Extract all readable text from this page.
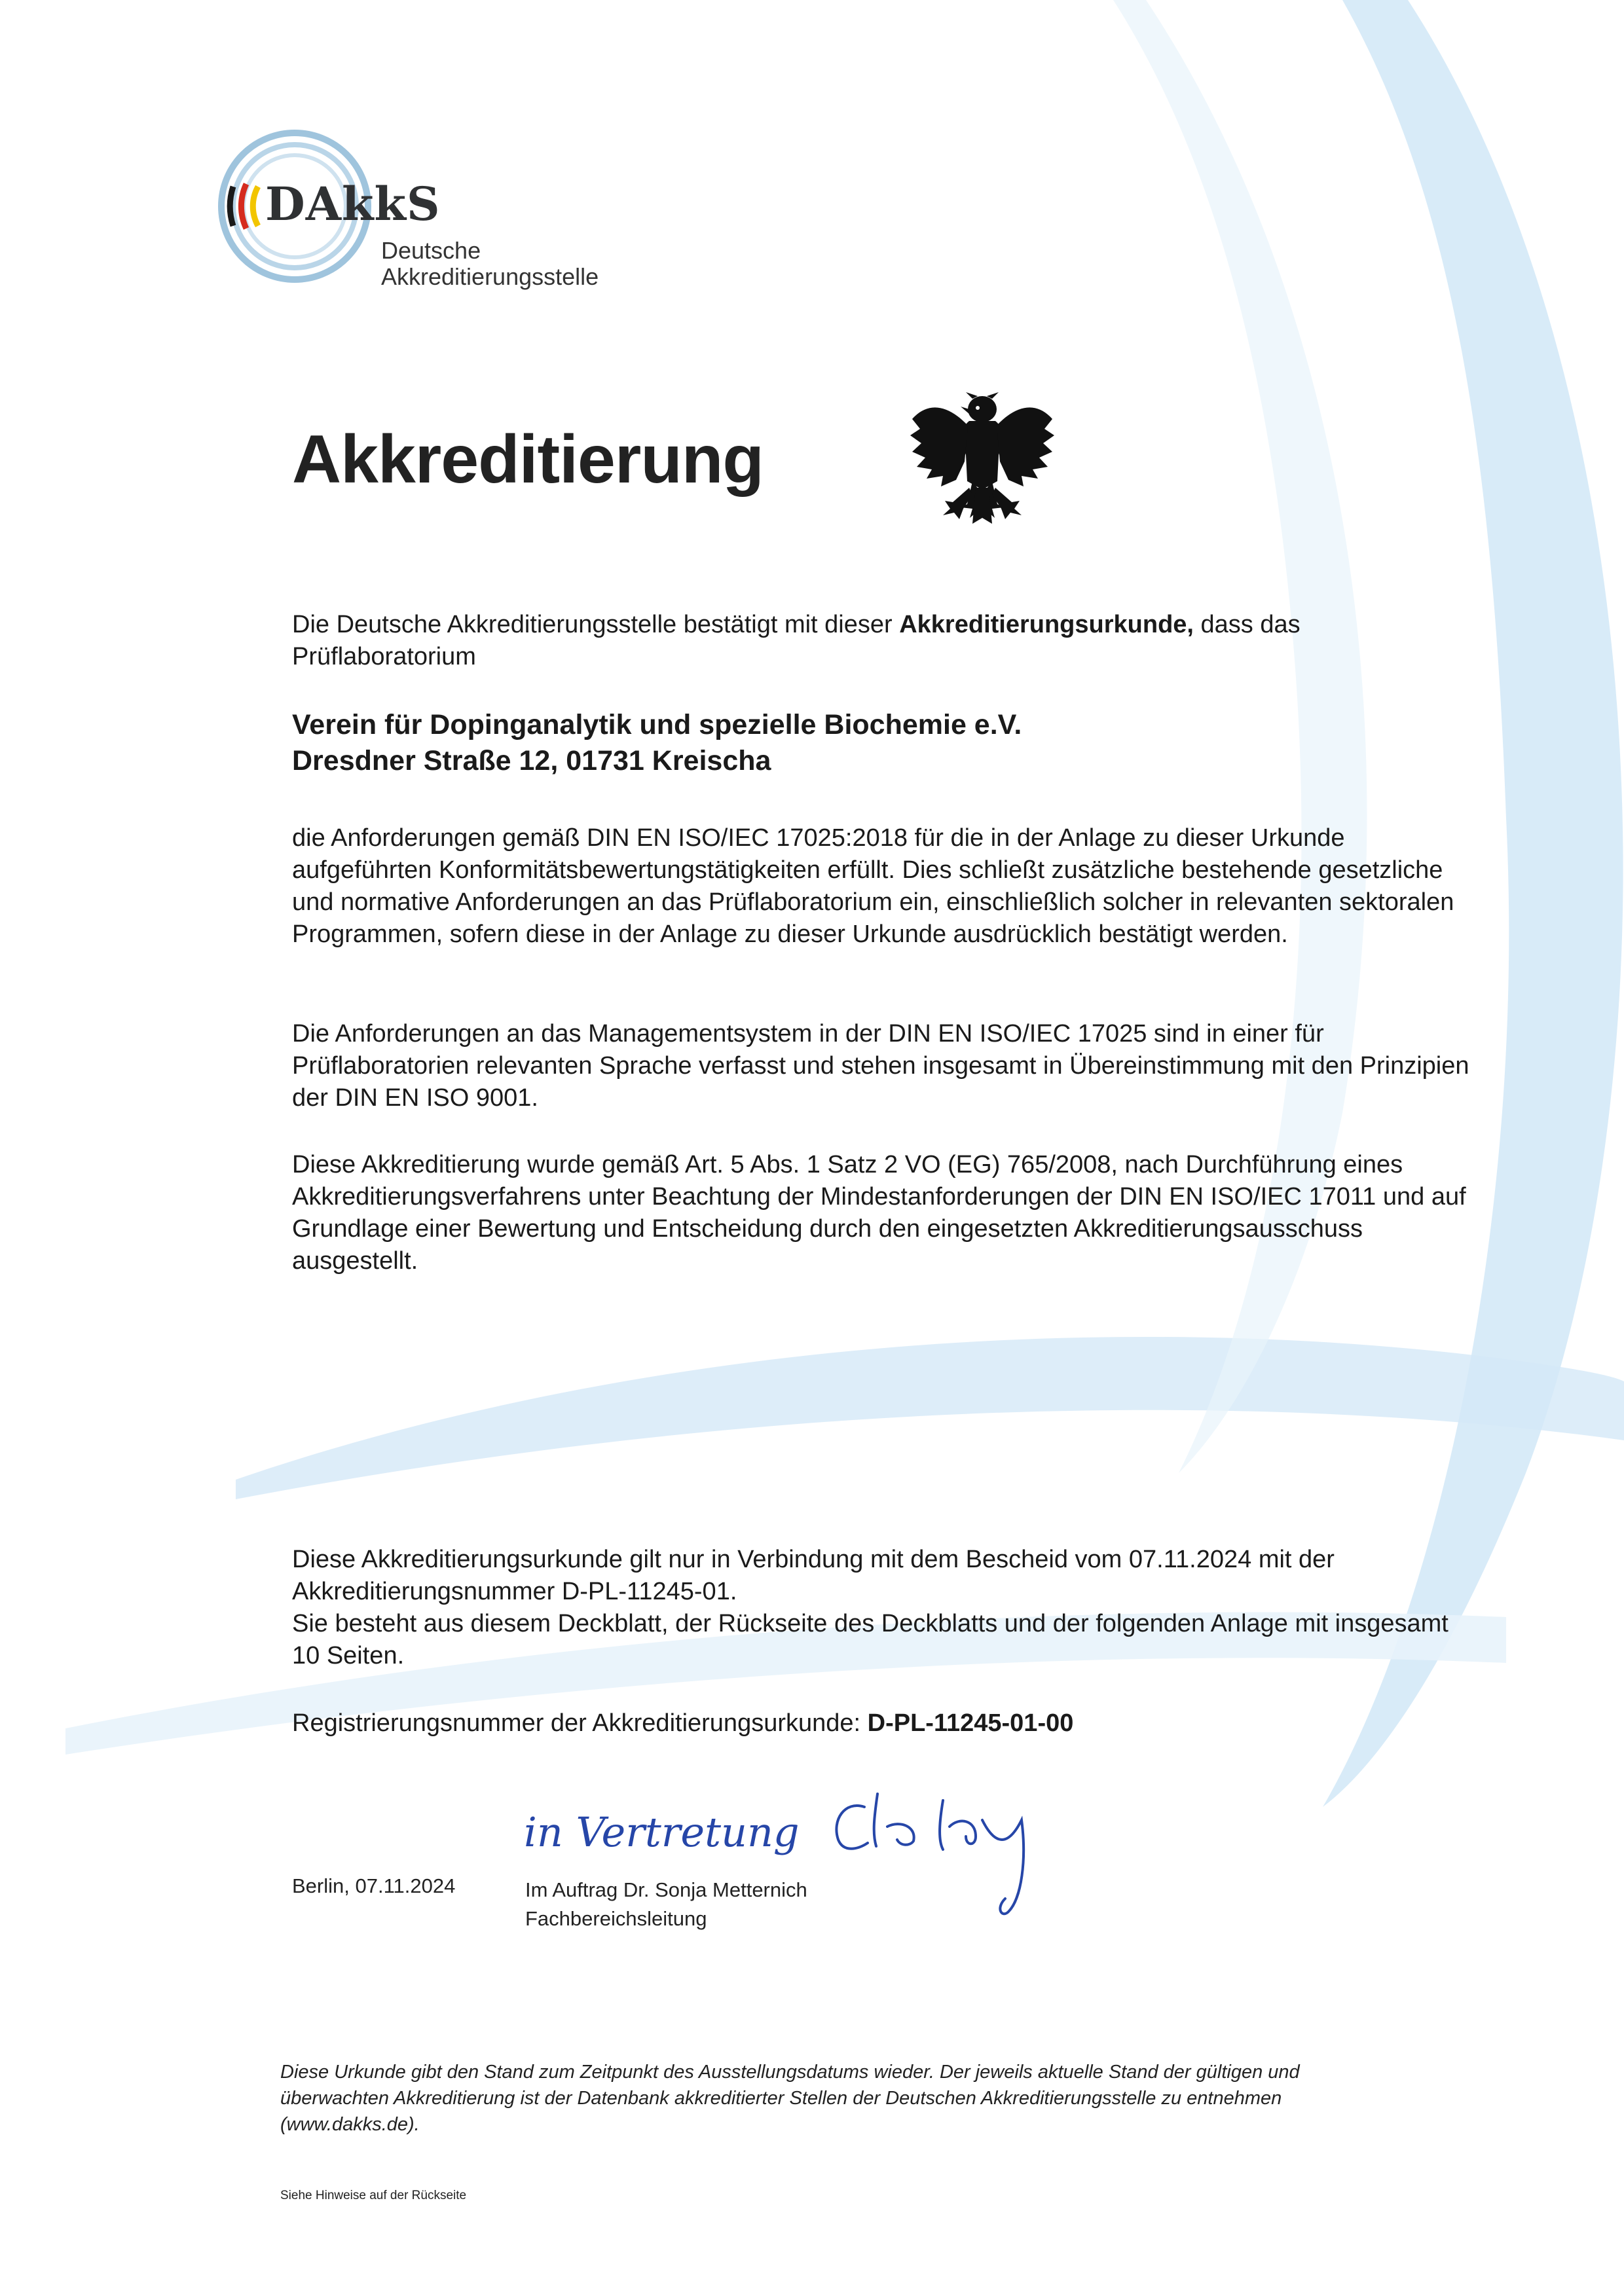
DAkkS
Deutsche
Akkreditierungsstelle
Akkreditierung
Die Deutsche Akkreditierungsstelle bestätigt mit dieser Akkreditierungsurkunde, dass das Prüflaboratorium
Verein für Dopinganalytik und spezielle Biochemie e.V.
Dresdner Straße 12, 01731 Kreischa
die Anforderungen gemäß DIN EN ISO/IEC 17025:2018 für die in der Anlage zu dieser Urkunde aufgeführten Konformitätsbewertungstätigkeiten erfüllt. Dies schließt zusätzliche bestehende gesetzliche und normative Anforderungen an das Prüflaboratorium ein, einschließlich solcher in relevanten sektoralen Programmen, sofern diese in der Anlage zu dieser Urkunde ausdrücklich bestätigt werden.
Die Anforderungen an das Managementsystem in der DIN EN ISO/IEC 17025 sind in einer für Prüflaboratorien relevanten Sprache verfasst und stehen insgesamt in Übereinstimmung mit den Prinzipien der DIN EN ISO 9001.
Diese Akkreditierung wurde gemäß Art. 5 Abs. 1 Satz 2 VO (EG) 765/2008, nach Durchführung eines Akkreditierungsverfahrens unter Beachtung der Mindestanforderungen der DIN EN ISO/IEC 17011 und auf Grundlage einer Bewertung und Entscheidung durch den eingesetzten Akkreditierungsausschuss ausgestellt.
Diese Akkreditierungsurkunde gilt nur in Verbindung mit dem Bescheid vom 07.11.2024 mit der Akkreditierungsnummer D-PL-11245-01.
Sie besteht aus diesem Deckblatt, der Rückseite des Deckblatts und der folgenden Anlage mit insgesamt 10 Seiten.
Registrierungsnummer der Akkreditierungsurkunde: D-PL-11245-01-00
in Vertretung
Berlin, 07.11.2024	Im Auftrag Dr. Sonja Metternich
Fachbereichsleitung
Diese Urkunde gibt den Stand zum Zeitpunkt des Ausstellungsdatums wieder. Der jeweils aktuelle Stand der gültigen und überwachten Akkreditierung ist der Datenbank akkreditierter Stellen der Deutschen Akkreditierungsstelle zu entnehmen (www.dakks.de).
Siehe Hinweise auf der Rückseite
